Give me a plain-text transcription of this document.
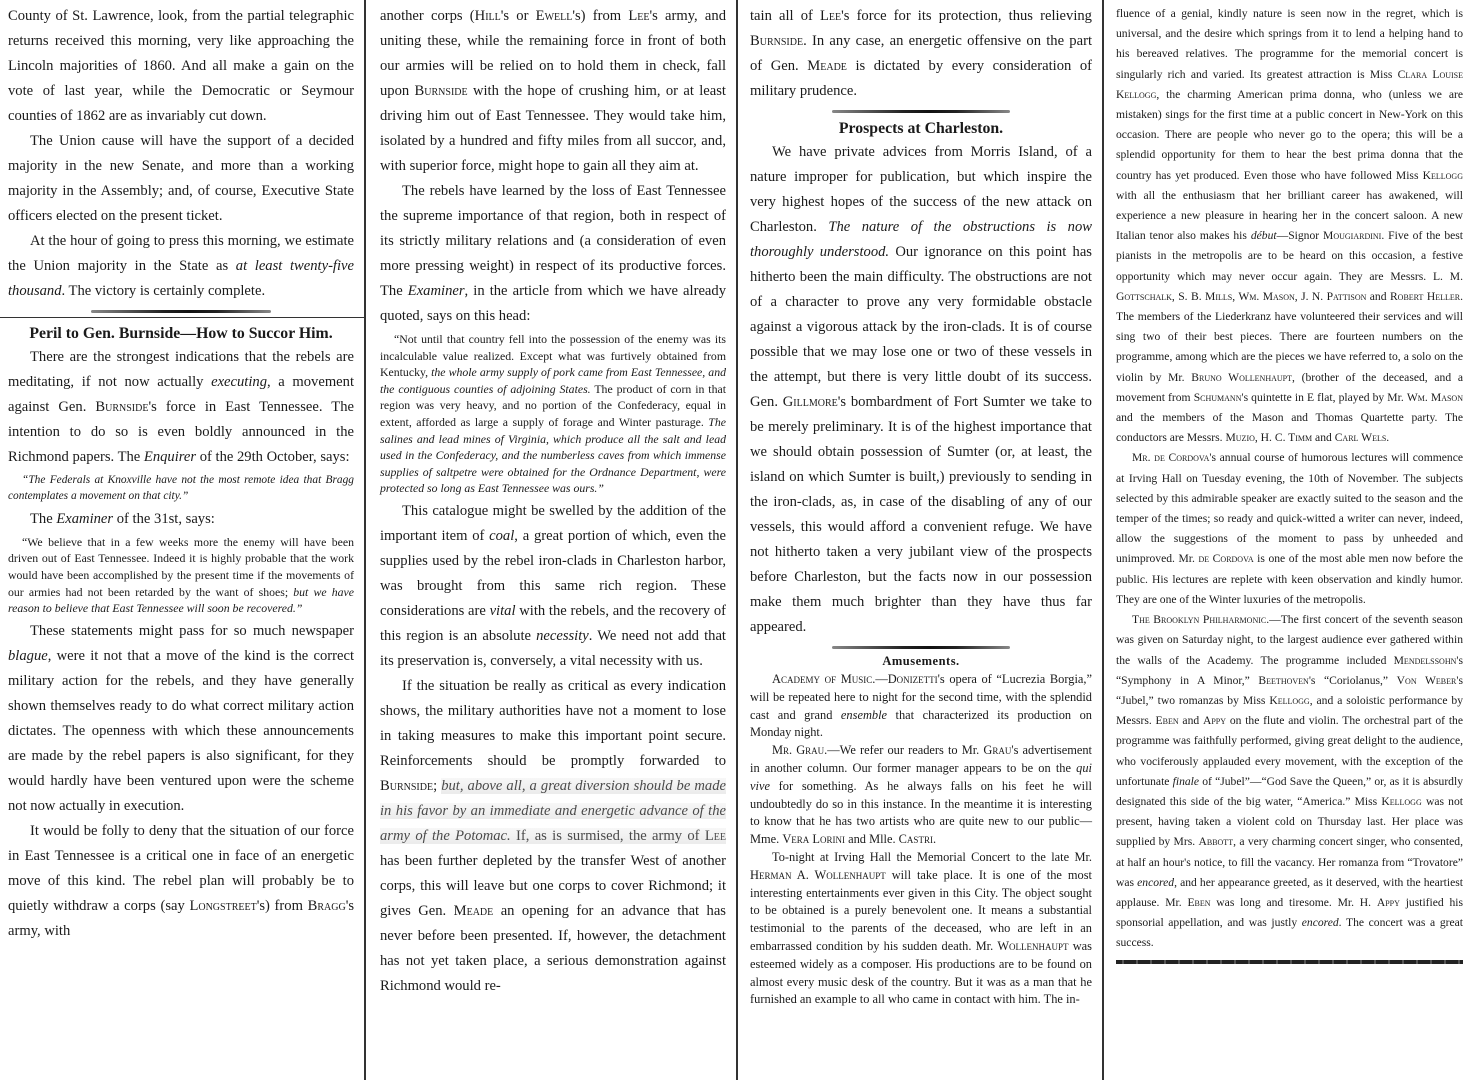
County of St. Lawrence, look, from the partial telegraphic returns received this morning, very like approaching the Lincoln majorities of 1860. And all make a gain on the vote of last year, while the Democratic or Seymour counties of 1862 are as invariably cut down.

The Union cause will have the support of a decided majority in the new Senate, and more than a working majority in the Assembly; and, of course, Executive State officers elected on the present ticket.

At the hour of going to press this morning, we estimate the Union majority in the State as at least twenty-five thousand. The victory is certainly complete.

Peril to Gen. Burnside—How to Succor Him.

There are the strongest indications that the rebels are meditating, if not now actually executing, a movement against Gen. Burnside's force in East Tennessee. The intention to do so is even boldly announced in the Richmond papers. The Enquirer of the 29th October, says:

“The Federals at Knoxville have not the most remote idea that Bragg contemplates a movement on that city.”

The Examiner of the 31st, says:

“We believe that in a few weeks more the enemy will have been driven out of East Tennessee. Indeed it is highly probable that the work would have been accomplished by the present time if the movements of our armies had not been retarded by the want of shoes; but we have reason to believe that East Tennessee will soon be recovered.”

These statements might pass for so much newspaper blague, were it not that a move of the kind is the correct military action for the rebels, and they have generally shown themselves ready to do what correct military action dictates. The openness with which these announcements are made by the rebel papers is also significant, for they would hardly have been ventured upon were the scheme not now actually in execution.

It would be folly to deny that the situation of our force in East Tennessee is a critical one in face of an energetic move of this kind. The rebel plan will probably be to quietly withdraw a corps (say Longstreet's) from Bragg's army, with

another corps (Hill's or Ewell's) from Lee's army, and uniting these, while the remaining force in front of both our armies will be relied on to hold them in check, fall upon Burnside with the hope of crushing him, or at least driving him out of East Tennessee. They would take him, isolated by a hundred and fifty miles from all succor, and, with superior force, might hope to gain all they aim at.

The rebels have learned by the loss of East Tennessee the supreme importance of that region, both in respect of its strictly military relations and (a consideration of even more pressing weight) in respect of its productive forces. The Examiner, in the article from which we have already quoted, says on this head:

“Not until that country fell into the possession of the enemy was its incalculable value realized. Except what was furtively obtained from Kentucky, the whole army supply of pork came from East Tennessee, and the contiguous counties of adjoining States. The product of corn in that region was very heavy, and no portion of the Confederacy, equal in extent, afforded as large a supply of forage and Winter pasturage. The salines and lead mines of Virginia, which produce all the salt and lead used in the Confederacy, and the numberless caves from which immense supplies of saltpetre were obtained for the Ordnance Department, were protected so long as East Tennessee was ours.”

This catalogue might be swelled by the addition of the important item of coal, a great portion of which, even the supplies used by the rebel iron-clads in Charleston harbor, was brought from this same rich region. These considerations are vital with the rebels, and the recovery of this region is an absolute necessity. We need not add that its preservation is, conversely, a vital necessity with us.

If the situation be really as critical as every indication shows, the military authorities have not a moment to lose in taking measures to make this important point secure. Reinforcements should be promptly forwarded to Burnside; but, above all, a great diversion should be made in his favor by an immediate and energetic advance of the army of the Potomac. If, as is surmised, the army of Lee has been further depleted by the transfer West of another corps, this will leave but one corps to cover Richmond; it gives Gen. Meade an opening for an advance that has never before been presented. If, however, the detachment has not yet taken place, a serious demonstration against Richmond would re-

tain all of Lee's force for its protection, thus relieving Burnside. In any case, an energetic offensive on the part of Gen. Meade is dictated by every consideration of military prudence.

Prospects at Charleston.

We have private advices from Morris Island, of a nature improper for publication, but which inspire the very highest hopes of the success of the new attack on Charleston. The nature of the obstructions is now thoroughly understood. Our ignorance on this point has hitherto been the main difficulty. The obstructions are not of a character to prove any very formidable obstacle against a vigorous attack by the iron-clads. It is of course possible that we may lose one or two of these vessels in the attempt, but there is very little doubt of its success. Gen. Gillmore's bombardment of Fort Sumter we take to be merely preliminary. It is of the highest importance that we should obtain possession of Sumter (or, at least, the island on which Sumter is built,) previously to sending in the iron-clads, as, in case of the disabling of any of our vessels, this would afford a convenient refuge. We have not hitherto taken a very jubilant view of the prospects before Charleston, but the facts now in our possession make them much brighter than they have thus far appeared.

Amusements.

Academy of Music.—Donizetti's opera of “Lucrezia Borgia,” will be repeated here to night for the second time, with the splendid cast and grand ensemble that characterized its production on Monday night.

Mr. Grau.—We refer our readers to Mr. Grau's advertisement in another column. Our former manager appears to be on the qui vive for something. As he always falls on his feet he will undoubtedly do so in this instance. In the meantime it is interesting to know that he has two artists who are quite new to our public—Mme. Vera Lorini and Mlle. Castri.

To-night at Irving Hall the Memorial Concert to the late Mr. Herman A. Wollenhaupt will take place. It is one of the most interesting entertainments ever given in this City. The object sought to be obtained is a purely benevolent one. It means a substantial testimonial to the parents of the deceased, who are left in an embarrassed condition by his sudden death. Mr. Wollenhaupt was esteemed widely as a composer. His productions are to be found on almost every music desk of the country. But it was as a man that he furnished an example to all who came in contact with him. The in-

fluence of a genial, kindly nature is seen now in the regret, which is universal, and the desire which springs from it to lend a helping hand to his bereaved relatives. The programme for the memorial concert is singularly rich and varied. Its greatest attraction is Miss Clara Louise Kellogg, the charming American prima donna, who (unless we are mistaken) sings for the first time at a public concert in New-York on this occasion. There are people who never go to the opera; this will be a splendid opportunity for them to hear the best prima donna that the country has yet produced. Even those who have followed Miss Kellogg with all the enthusiasm that her brilliant career has awakened, will experience a new pleasure in hearing her in the concert saloon. A new Italian tenor also makes his début—Signor Mougiardini. Five of the best pianists in the metropolis are to be heard on this occasion, a festive opportunity which may never occur again. They are Messrs. L. M. Gottschalk, S. B. Mills, Wm. Mason, J. N. Pattison and Robert Heller. The members of the Liederkranz have volunteered their services and will sing two of their best pieces. There are fourteen numbers on the programme, among which are the pieces we have referred to, a solo on the violin by Mr. Bruno Wollenhaupt, (brother of the deceased, and a movement from Schumann's quintette in E flat, played by Mr. Wm. Mason and the members of the Mason and Thomas Quartette party. The conductors are Messrs. Muzio, H. C. Timm and Carl Wels.

Mr. de Cordova's annual course of humorous lectures will commence at Irving Hall on Tuesday evening, the 10th of November. The subjects selected by this admirable speaker are exactly suited to the season and the temper of the times; so ready and quick-witted a writer can never, indeed, allow the suggestions of the moment to pass by unheeded and unimproved. Mr. de Cordova is one of the most able men now before the public. His lectures are replete with keen observation and kindly humor. They are one of the Winter luxuries of the metropolis.

The Brooklyn Philharmonic.—The first concert of the seventh season was given on Saturday night, to the largest audience ever gathered within the walls of the Academy. The programme included Mendelssohn's “Symphony in A Minor,” Beethoven's “Coriolanus,” Von Weber's “Jubel,” two romanzas by Miss Kellogg, and a soloistic performance by Messrs. Eben and Appy on the flute and violin. The orchestral part of the programme was faithfully performed, giving great delight to the audience, who vociferously applauded every movement, with the exception of the unfortunate finale of “Jubel”—“God Save the Queen,” or, as it is absurdly designated this side of the big water, “America.” Miss Kellogg was not present, having taken a violent cold on Thursday last. Her place was supplied by Mrs. Abbott, a very charming concert singer, who consented, at half an hour's notice, to fill the vacancy. Her romanza from “Trovatore” was encored, and her appearance greeted, as it deserved, with the heartiest applause. Mr. Eben was long and tiresome. Mr. H. Appy justified his sponsorial appellation, and was justly encored. The concert was a great success.
